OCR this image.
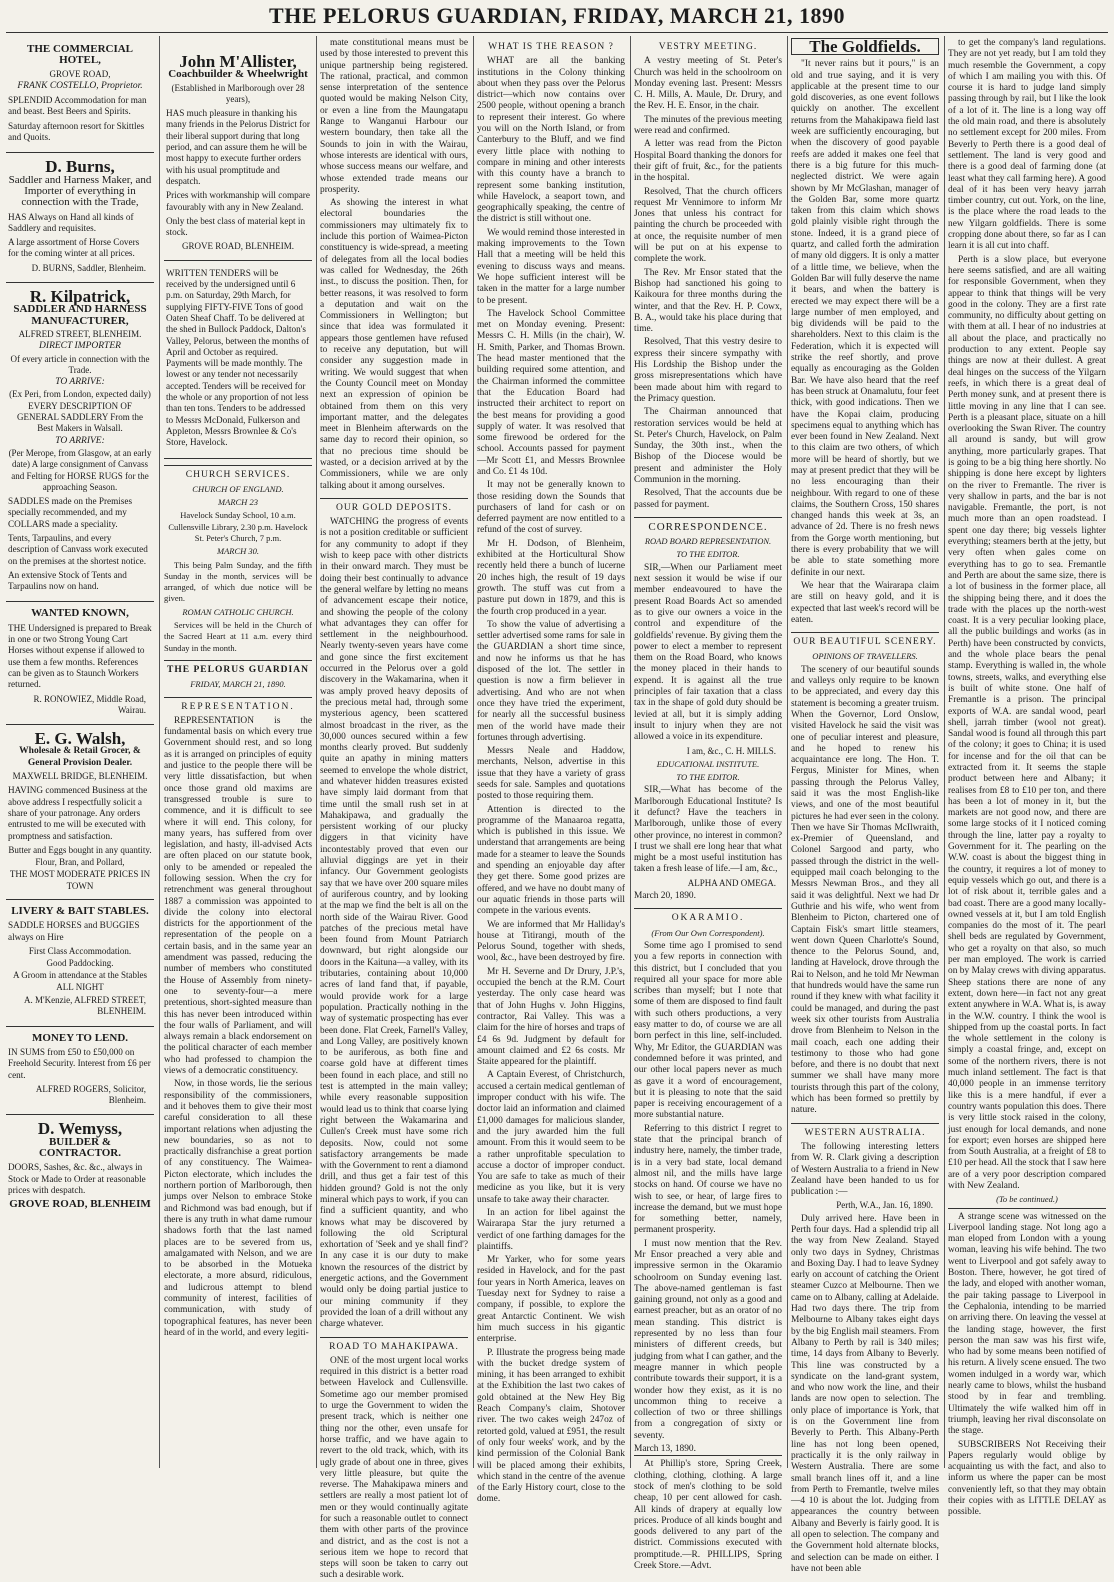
THE PELORUS GUARDIAN, FRIDAY, MARCH 21, 1890
THE COMMERCIAL HOTEL,
GROVE ROAD,
FRANK COSTELLO, Proprietor.
SPLENDID Accommodation for man and beast. Best Beers and Spirits.
Saturday afternoon resort for Skittles and Quoits.
D. Burns,
Saddler and Harness Maker, and Importer of everything in connection with the Trade,
HAS Always on Hand all kinds of Saddlery and requisites.
A large assortment of Horse Covers for the coming winter at all prices.
D. BURNS, Saddler, Blenheim.
R. Kilpatrick,
SADDLER AND HARNESS MANUFACTURER,
ALFRED STREET, BLENHEIM.
DIRECT IMPORTER
Of every article in connection with the Trade.
TO ARRIVE:
(Ex Peri, from London, expected daily) EVERY DESCRIPTION OF GENERAL SADDLERY From the Best Makers in Walsall.
TO ARRIVE:
(Per Merope, from Glasgow, at an early date) A large consignment of Canvass and Felting for HORSE RUGS for the approaching Season.
SADDLES made on the Premises specially recommended, and my COLLARS made a speciality.
Tents, Tarpaulins, and every description of Canvass work executed on the premises at the shortest notice.
An extensive Stock of Tents and Tarpaulins now on hand.
WANTED KNOWN,
THE Undersigned is prepared to Break in one or two Strong Young Cart Horses without expense if allowed to use them a few months. References can be given as to Staunch Workers returned.
R. RONOWIEZ, Middle Road, Wairau.
E. G. Walsh,
Wholesale & Retail Grocer, & General Provision Dealer.
MAXWELL BRIDGE, BLENHEIM.
HAVING commenced Business at the above address I respectfully solicit a share of your patronage. Any orders entrusted to me will be executed with promptness and satisfaction.
Butter and Eggs bought in any quantity.
Flour, Bran, and Pollard,
THE MOST MODERATE PRICES IN TOWN
LIVERY & BAIT STABLES.
SADDLE HORSES and BUGGIES always on Hire
First Class Accommodation.
Good Paddocking.
A Groom in attendance at the Stables ALL NIGHT
A. M'Kenzie, ALFRED STREET, BLENHEIM.
MONEY TO LEND.
IN SUMS from £50 to £50,000 on Freehold Security. Interest from £6 per cent.
ALFRED ROGERS, Solicitor, Blenheim.
D. Wemyss,
BUILDER & CONTRACTOR.
DOORS, Sashes, &c. &c., always in Stock or Made to Order at reasonable prices with despatch.
GROVE ROAD, BLENHEIM
John M'Allister,
Coachbuilder & Wheelwright
(Established in Marlborough over 28 years),
HAS much pleasure in thanking his many friends in the Pelorus District for their liberal support during that long period, and can assure them he will be most happy to execute further orders with his usual promptitude and despatch.
Prices with workmanship will compare favourably with any in New Zealand.
Only the best class of material kept in stock.
GROVE ROAD, BLENHEIM.
WRITTEN TENDERS will be received by the undersigned until 6 p.m. on Saturday, 29th March, for supplying FIFTY-FIVE Tons of good Oaten Sheaf Chaff. To be delivered at the shed in Bullock Paddock, Dalton's Valley, Pelorus, between the months of April and October as required. Payments will be made monthly. The lowest or any tender not necessarily accepted. Tenders will be received for the whole or any proportion of not less than ten tons. Tenders to be addressed to Messrs McDonald, Fulkerson and Appleton, Messrs Brownlee & Co's Store, Havelock.
CHURCH SERVICES.
CHURCH OF ENGLAND.
MARCH 23
Havelock Sunday School, 10 a.m. Cullensville Library, 2.30 p.m. Havelock St. Peter's Church, 7 p.m.
MARCH 30.

This being Palm Sunday, and the fifth Sunday in the month, services will be arranged, of which due notice will be given.

ROMAN CATHOLIC CHURCH.

Services will be held in the Church of the Sacred Heart at 11 a.m. every third Sunday in the month.

THE PELORUS GUARDIAN
FRIDAY, MARCH 21, 1890.
REPRESENTATION.

REPRESENTATION is the fundamental basis on which every true Government should rest, and so long as it is arranged on principles of equity and justice to the people there will be very little dissatisfaction, but when once those grand old maxims are transgressed trouble is sure to commence, and it is difficult to see where it will end. This colony, for many years, has suffered from over legislation, and hasty, ill-advised Acts are often placed on our statute book, only to be amended or repealed the following session. When the cry for retrenchment was general throughout 1887 a commission was appointed to divide the colony into electoral districts for the apportionment of the representation of the people on a certain basis, and in the same year an amendment was passed, reducing the number of members who constituted the House of Assembly from ninety-one to seventy-four—a mere pretentious, short-sighted measure than this has never been introduced within the four walls of Parliament, and will always remain a black endorsement on the political character of each member who had professed to champion the views of a democratic constituency.

Now, in those words, lie the serious responsibility of the commissioners, and it behoves them to give their most careful consideration to all these important relations when adjusting the new boundaries, so as not to practically disfranchise a great portion of any constituency. The Waimea-Picton electorate, which includes the northern portion of Marlborough, then jumps over Nelson to embrace Stoke and Richmond was bad enough, but if there is any truth in what dame rumour shadows forth that the last named places are to be severed from us, amalgamated with Nelson, and we are to be absorbed in the Motueka electorate, a more absurd, ridiculous, and ludicrous attempt to blend community of interest, facilities of communication, with study of topographical features, has never been heard of in the world, and every legiti-

mate constitutional means must be used by those interested to prevent this unique partnership being registered. The rational, practical, and common sense interpretation of the sentence quoted would be making Nelson City, or even a line from the Maungatapu Range to Wanganui Harbour our western boundary, then take all the Sounds to join in with the Wairau, whose interests are identical with ours, whose success means our welfare, and whose extended trade means our prosperity.

As showing the interest in what electoral boundaries the commissioners may ultimately fix to include this portion of Waimea-Picton constituency is wide-spread, a meeting of delegates from all the local bodies was called for Wednesday, the 26th inst., to discuss the position. Then, for better reasons, it was resolved to form a deputation and wait on the Commissioners in Wellington; but since that idea was formulated it appears those gentlemen have refused to receive any deputation, but will consider any suggestion made in writing. We would suggest that when the County Council meet on Monday next an expression of opinion be obtained from them on this very important matter, and the delegates meet in Blenheim afterwards on the same day to record their opinion, so that no precious time should be wasted, or a decision arrived at by the Commissioners, while we are only talking about it among ourselves.

OUR GOLD DEPOSITS.

WATCHING the progress of events is not a position creditable or sufficient for any community to adopt if they wish to keep pace with other districts in their onward march. They must be doing their best continually to advance the general welfare by letting no means of advancement escape their notice, and showing the people of the colony what advantages they can offer for settlement in the neighbourhood. Nearly twenty-seven years have come and gone since the first excitement occurred in the Pelorus over a gold discovery in the Wakamarina, when it was amply proved heavy deposits of the precious metal had, through some mysterious agency, been scattered almost broadcast in the river, as the 30,000 ounces secured within a few months clearly proved. But suddenly quite an apathy in mining matters seemed to envelope the whole district, and whatever hidden treasures existed have simply laid dormant from that time until the small rush set in at Mahakipawa, and gradually the persistent working of our plucky diggers in that vicinity have incontestably proved that even our alluvial diggings are yet in their infancy. Our Government geologists say that we have over 200 square miles of auriferous country, and by looking at the map we find the belt is all on the north side of the Wairau River. Good patches of the precious metal have been found from Mount Patriarch downward, but right alongside our doors in the Kaituna—a valley, with its tributaries, containing about 10,000 acres of land fand that, if payable, would provide work for a large population. Practically nothing in the way of systematic prospecting has ever been done. Flat Creek, Farnell's Valley, and Long Valley, are positively known to be auriferous, as both fine and coarse gold have at different times been found in each place, and still no test is attempted in the main valley; while every reasonable supposition would lead us to think that coarse lying right between the Wakamarina and Cullen's Creek must have some rich deposits. Now, could not some satisfactory arrangements be made with the Government to rent a diamond drill, and thus get a fair test of this hidden ground? Gold is not the only mineral which pays to work, if you can find a sufficient quantity, and who knows what may be discovered by following the old Scriptural exhortation of 'Seek and ye shall find'? In any case it is our duty to make known the resources of the district by energetic actions, and the Government would only be doing partial justice to our mining community if they provided the loan of a drill without any charge whatever.

ROAD TO MAHAKIPAWA.

ONE of the most urgent local works required in this district is a better road between Havelock and Cullensville. Sometime ago our member promised to urge the Government to widen the present track, which is neither one thing nor the other, even unsafe for horse traffic, and we have again to revert to the old track, which, with its ugly grade of about one in three, gives very little pleasure, but quite the reverse. The Mahakipawa miners and settlers are really a most patient lot of men or they would continually agitate for such a reasonable outlet to connect them with other parts of the province and district, and as the cost is not a serious item we hope to record that steps will soon be taken to carry out such a desirable work.

WHAT IS THE REASON ?

WHAT are all the banking institutions in the Colony thinking about when they pass over the Pelorus district—which now contains over 2500 people, without opening a branch to represent their interest. Go where you will on the North Island, or from Canterbury to the Bluff, and we find every little place with nothing to compare in mining and other interests with this county have a branch to represent some banking institution, while Havelock, a seaport town, and geographically speaking, the centre of the district is still without one.

We would remind those interested in making improvements to the Town Hall that a meeting will be held this evening to discuss ways and means. We hope sufficient interest will be taken in the matter for a large number to be present.

The Havelock School Committee met on Monday evening. Present: Messrs C. H. Mills (in the chair), W. H. Smith, Parker, and Thomas Brown. The head master mentioned that the building required some attention, and the Chairman informed the committee that the Education Board had instructed their architect to report on the best means for providing a good supply of water. It was resolved that some firewood be ordered for the school. Accounts passed for payment—Mr Scott £1, and Messrs Brownlee and Co. £1 4s 10d.

It may not be generally known to those residing down the Sounds that purchasers of land for cash or on deferred payment are now entitled to a refund of the cost of survey.

Mr H. Dodson, of Blenheim, exhibited at the Horticultural Show recently held there a bunch of lucerne 20 inches high, the result of 19 days growth. The stuff was cut from a pasture put down in 1879, and this is the fourth crop produced in a year.

To show the value of advertising a settler advertised some rams for sale in the GUARDIAN a short time since, and now he informs us that he has disposed of the lot. The settler in question is now a firm believer in advertising. And who are not when once they have tried the experiment, for nearly all the successful business men of the world have made their fortunes through advertising.

Messrs Neale and Haddow, merchants, Nelson, advertise in this issue that they have a variety of grass seeds for sale. Samples and quotations posted to those requiring them.

Attention is directed to the programme of the Manaaroa regatta, which is published in this issue. We understand that arrangements are being made for a steamer to leave the Sounds and spending an enjoyable day after they get there. Some good prizes are offered, and we have no doubt many of our aquatic friends in those parts will compete in the various events.

We are informed that Mr Halliday's house at Titirangi, mouth of the Pelorus Sound, together with sheds, wool, &c., have been destroyed by fire.

Mr H. Severne and Dr Drury, J.P.'s, occupied the bench at the R.M. Court yesterday. The only case heard was that of John Hughs v. John Higgins, contractor, Rai Valley. This was a claim for the hire of horses and traps of £4 6s 9d. Judgment by default for amount claimed and £2 6s costs. Mr Staite appeared for the plaintiff.

A Captain Everest, of Christchurch, accused a certain medical gentleman of improper conduct with his wife. The doctor laid an information and claimed £1,000 damages for malicious slander, and the jury awarded him the full amount. From this it would seem to be a rather unprofitable speculation to accuse a doctor of improper conduct. You are safe to take as much of their medicine as you like, but it is very unsafe to take away their character.

In an action for libel against the Wairarapa Star the jury returned a verdict of one farthing damages for the plaintiffs.

Mr Yarker, who for some years resided in Havelock, and for the past four years in North America, leaves on Tuesday next for Sydney to raise a company, if possible, to explore the great Antarctic Continent. We wish him much success in his gigantic enterprise.

P. Illustrate the progress being made with the bucket dredge system of mining, it has been arranged to exhibit at the Exhibition the last two cakes of gold obtained at the New Hey Big Reach Company's claim, Shotover river. The two cakes weigh 247oz of retorted gold, valued at £951, the result of only four weeks' work, and by the kind permission of the Colonial Bank will be placed among their exhibits, which stand in the centre of the avenue of the Early History court, close to the dome.

VESTRY MEETING.

A vestry meeting of St. Peter's Church was held in the schoolroom on Monday evening last. Present: Messrs C. H. Mills, A. Maule, Dr. Drury, and the Rev. H. E. Ensor, in the chair.

The minutes of the previous meeting were read and confirmed.

A letter was read from the Picton Hospital Board thanking the donors for their gift of fruit, &c., for the patients in the hospital.

Resolved, That the church officers request Mr Vennimore to inform Mr Jones that unless his contract for painting the church be proceeded with at once, the requisite number of men will be put on at his expense to complete the work.

The Rev. Mr Ensor stated that the Bishop had sanctioned his going to Kaikoura for three months during the winter, and that the Rev. H. P. Cowx, B. A., would take his place during that time.

Resolved, That this vestry desire to express their sincere sympathy with His Lordship the Bishop under the gross misrepresentations which have been made about him with regard to the Primacy question.

The Chairman announced that restoration services would be held at St. Peter's Church, Havelock, on Palm Sunday, the 30th inst., when the Bishop of the Diocese would be present and administer the Holy Communion in the morning.

Resolved, That the accounts due be passed for payment.

CORRESPONDENCE.
ROAD BOARD REPRESENTATION.
TO THE EDITOR.

SIR,—When our Parliament meet next session it would be wise if our member endeavoured to have the present Road Boards Act so amended as to give our owners a voice in the control and expenditure of the goldfields' revenue. By giving them the power to elect a member to represent them on the Road Board, who knows the money placed in their hands to expend. It is against all the true principles of fair taxation that a class tax in the shape of gold duty should be levied at all, but it is simply adding insult to injury when they are not allowed a voice in its expenditure.

I am, &c., C. H. MILLS.
EDUCATIONAL INSTITUTE.
TO THE EDITOR.

SIR,—What has become of the Marlborough Educational Institute? Is it defunct? Have the teachers in Marlborough, unlike those of every other province, no interest in common? I trust we shall ere long hear that what might be a most useful institution has taken a fresh lease of life.—I am, &c.,

ALPHA AND OMEGA.
March 20, 1890.
OKARAMIO.
(From Our Own Correspondent).

Some time ago I promised to send you a few reports in connection with this district, but I concluded that you required all your space for more able scribes than myself; but I note that some of them are disposed to find fault with such others productions, a very easy matter to do, of course we are all born perfect in this line, self-included. Why, Mr Editor, the GUARDIAN was condemned before it was printed, and our other local papers never as much as gave it a word of encouragement, but it is pleasing to note that the said paper is receiving encouragement of a more substantial nature.

Referring to this district I regret to state that the principal branch of industry here, namely, the timber trade, is in a very bad state, local demand almost nil, and the mills have large stocks on hand. Of course we have no wish to see, or hear, of large fires to increase the demand, but we must hope for something better, namely, permanent prosperity.

I must now mention that the Rev. Mr Ensor preached a very able and impressive sermon in the Okaramio schoolroom on Sunday evening last. The above-named gentleman is fast gaining ground, not only as a good and earnest preacher, but as an orator of no mean standing. This district is represented by no less than four ministers of different creeds, but judging from what I can gather, and the meagre manner in which people contribute towards their support, it is a wonder how they exist, as it is no uncommon thing to receive a collection of two or three shillings from a congregation of sixty or seventy.

March 13, 1890.

At Phillip's store, Spring Creek, clothing, clothing, clothing. A large stock of men's clothing to be sold cheap, 10 per cent allowed for cash. All kinds of drapery at equally low prices. Produce of all kinds bought and goods delivered to any part of the district. Commissions executed with promptitude.—R. PHILLIPS, Spring Creek Store.—Advt.

The Goldfields.

"It never rains but it pours," is an old and true saying, and it is very applicable at the present time to our gold discoveries, as one event follows quickly on another. The excellent returns from the Mahakipawa field last week are sufficiently encouraging, but when the discovery of good payable reefs are added it makes one feel that there is a big future for this much-neglected district. We were again shown by Mr McGlashan, manager of the Golden Bar, some more quartz taken from this claim which shows gold plainly visible right through the stone. Indeed, it is a grand piece of quartz, and called forth the admiration of many old diggers. It is only a matter of a little time, we believe, when the Golden Bar will fully deserve the name it bears, and when the battery is erected we may expect there will be a large number of men employed, and big dividends will be paid to the shareholders. Next to this claim is the Federation, which it is expected will strike the reef shortly, and prove equally as encouraging as the Golden Bar. We have also heard that the reef has been struck at Onamalutu, four feet thick, with good indications. Then we have the Kopai claim, producing specimens equal to anything which has ever been found in New Zealand. Next to this claim are two others, of which more will be heard of shortly, but we may at present predict that they will be no less encouraging than their neighbour. With regard to one of these claims, the Southern Cross, 150 shares changed hands this week at 3s, an advance of 2d. There is no fresh news from the Gorge worth mentioning, but there is every probability that we will be able to state something more definite in our next.

We hear that the Wairarapa claim are still on heavy gold, and it is expected that last week's record will be eaten.

OUR BEAUTIFUL SCENERY.
OPINIONS OF TRAVELLERS.

The scenery of our beautiful sounds and valleys only require to be known to be appreciated, and every day this statement is becoming a greater truism. When the Governor, Lord Onslow, visited Havelock he said the visit was one of peculiar interest and pleasure, and he hoped to renew his acquaintance ere long. The Hon. T. Fergus, Minister for Mines, when passing through the Pelorus Valley, said it was the most English-like views, and one of the most beautiful pictures he had ever seen in the colony. Then we have Sir Thomas McIlwraith, ex-Premier of Queensland, and Colonel Sargood and party, who passed through the district in the well-equipped mail coach belonging to the Messrs Newman Bros., and they all said it was delightful. Next we had Dr Guthrie and his wife, who went from Blenheim to Picton, chartered one of Captain Fisk's smart little steamers, went down Queen Charlotte's Sound, thence to the Pelorus Sound, and, landing at Havelock, drove through the Rai to Nelson, and he told Mr Newman that hundreds would have the same run round if they knew with what facility it could be managed, and during the past week six other tourists from Australia drove from Blenheim to Nelson in the mail coach, each one adding their testimony to those who had gone before, and there is no doubt that next summer we shall have many more tourists through this part of the colony, which has been formed so prettily by nature.

WESTERN AUSTRALIA.

The following interesting letters from W. R. Clark giving a description of Western Australia to a friend in New Zealand have been handed to us for publication :—

Perth, W.A., Jan. 16, 1890.

Duly arrived here. Have been in Perth four days. Had a splendid trip all the way from New Zealand. Stayed only two days in Sydney, Christmas and Boxing Day. I had to leave Sydney early on account of catching the Orient steamer Cuzco at Melbourne. Then we came on to Albany, calling at Adelaide. Had two days there. The trip from Melbourne to Albany takes eight days by the big English mail steamers. From Albany to Perth by rail is 340 miles; time, 14 days from Albany to Beverly. This line was constructed by a syndicate on the land-grant system, and who now work the line, and their lands are now open to selection. The only place of importance is York, that is on the Government line from Beverly to Perth. This Albany-Perth line has not long been opened, practically it is the only railway in Western Australia. There are some small branch lines off it, and a line from Perth to Fremantle, twelve miles—4 10 is about the lot. Judging from appearances the country between Albany and Beverly is fairly good. It is all open to selection. The company and the Government hold alternate blocks, and selection can be made on either. I have not been able

to get the company's land regulations. They are not yet ready, but I am told they much resemble the Government, a copy of which I am mailing you with this. Of course it is hard to judge land simply passing through by rail, but I like the look of a lot of it. The line is a long way off the old main road, and there is absolutely no settlement except for 200 miles. From Beverly to Perth there is a good deal of settlement. The land is very good and there is a good deal of farming done (at least what they call farming here). A good deal of it has been very heavy jarrah timber country, cut out. York, on the line, is the place where the road leads to the new Yilgarn goldfields. There is some cropping done about there, so far as I can learn it is all cut into chaff.

Perth is a slow place, but everyone here seems satisfied, and are all waiting for responsible Government, when they appear to think that things will be very good in the colony. They are a first rate community, no difficulty about getting on with them at all. I hear of no industries at all about the place, and practically no production to any extent. People say things are now at their dullest. A great deal hinges on the success of the Yilgarn reefs, in which there is a great deal of Perth money sunk, and at present there is little moving in any line that I can see. Perth is a pleasant place, situate on a hill overlooking the Swan River. The country all around is sandy, but will grow anything, more particularly grapes. That is going to be a big thing here shortly. No shipping is done here except by lighters on the river to Fremantle. The river is very shallow in parts, and the bar is not navigable. Fremantle, the port, is not much more than an open roadstead. I spent one day there; big vessels lighter everything; steamers berth at the jetty, but very often when gales come on everything has to go to sea. Fremantle and Perth are about the same size, there is a lot of business in the former place, all the shipping being there, and it does the trade with the places up the north-west coast. It is a very peculiar looking place, all the public buildings and works (as in Perth) have been constructed by convicts, and the whole place bears the penal stamp. Everything is walled in, the whole towns, streets, walks, and everything else is built of white stone. One half of Fremantle is a prison. The principal exports of W.A. are sandal wood, pearl shell, jarrah timber (wool not great). Sandal wood is found all through this part of the colony; it goes to China; it is used for incense and for the oil that can be extracted from it. It seems the staple product between here and Albany; it realises from £8 to £10 per ton, and there has been a lot of money in it, but the markets are not good now, and there are some large stocks of it I noticed coming through the line, latter pay a royalty to Government for it. The pearling on the W.W. coast is about the biggest thing in the country, it requires a lot of money to equip vessels which go out, and there is a lot of risk about it, terrible gales and a bad coast. There are a good many locally-owned vessels at it, but I am told English companies do the most of it. The pearl shell beds are regulated by Government, who get a royalty on that also, so much per man employed. The work is carried on by Malay crews with diving apparatus. Sheep stations there are none of any extent, down here—in fact not any great extent anywhere in W.A. What is, is away in the W.W. country. I think the wool is shipped from up the coastal ports. In fact the whole settlement in the colony is simply a coastal fringe, and, except on some of the northern rivers, there is not much inland settlement. The fact is that 40,000 people in an immense territory like this is a mere handful, if ever a country wants population this does. There is very little stock raised in the colony, just enough for local demands, and none for export; even horses are shipped here from South Australia, at a freight of £8 to £10 per head. All the stock that I saw here are of a very poor description compared with New Zealand.

(To be continued.)

A strange scene was witnessed on the Liverpool landing stage. Not long ago a man eloped from London with a young woman, leaving his wife behind. The two went to Liverpool and got safely away to Boston. There, however, he got tired of the lady, and eloped with another woman, the pair taking passage to Liverpool in the Cephalonia, intending to be married on arriving there. On leaving the vessel at the landing stage, however, the first person the man saw was his first wife, who had by some means been notified of his return. A lively scene ensued. The two women indulged in a wordy war, which nearly came to blows, whilst the husband stood by in fear and trembling. Ultimately the wife walked him off in triumph, leaving her rival disconsolate on the stage.

SUBSCRIBERS Not Receiving their Papers regularly would oblige by acquainting us with the fact, and also to inform us where the paper can be most conveniently left, so that they may obtain their copies with as LITTLE DELAY as possible.
